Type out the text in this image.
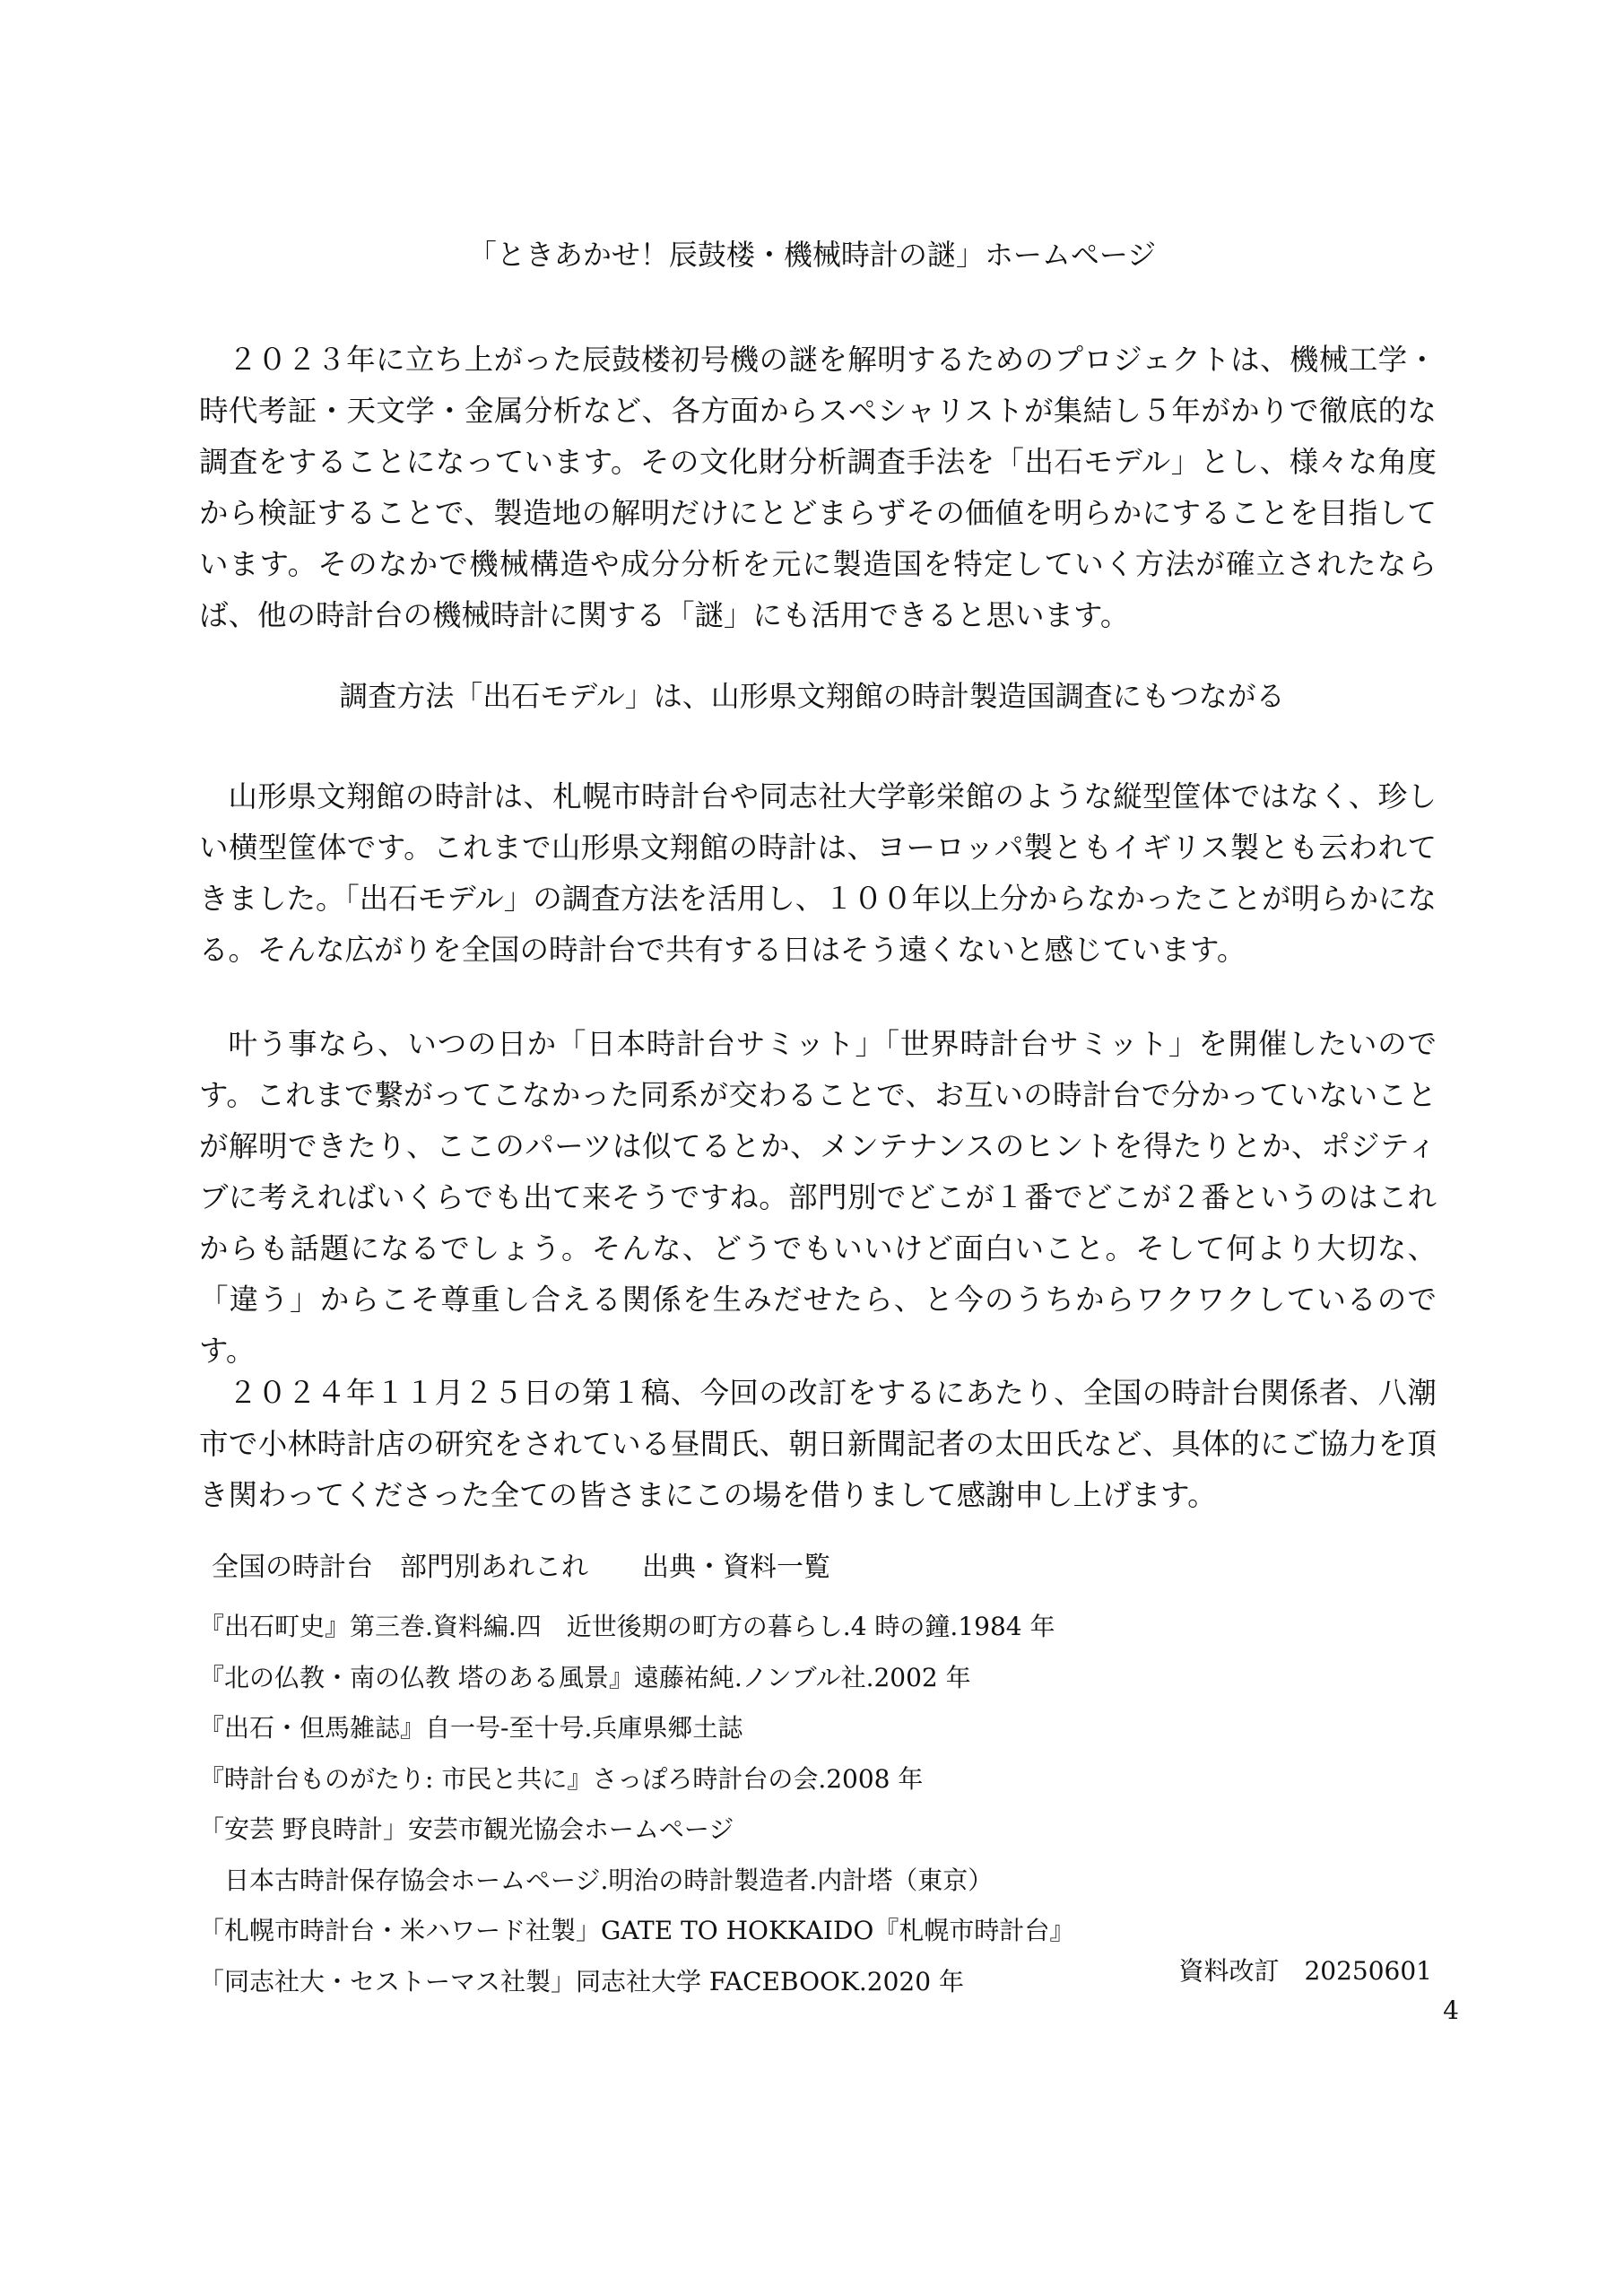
「ときあかせ！辰鼓楼・機械時計の謎」ホームページ

２０２３年に立ち上がった辰鼓楼初号機の謎を解明するためのプロジェクトは、機械工学・時代考証・天文学・金属分析など、各方面からスペシャリストが集結し５年がかりで徹底的な調査をすることになっています。その文化財分析調査手法を「出石モデル」とし、様々な角度から検証することで、製造地の解明だけにとどまらずその価値を明らかにすることを目指しています。そのなかで機械構造や成分分析を元に製造国を特定していく方法が確立されたならば、他の時計台の機械時計に関する「謎」にも活用できると思います。

調査方法「出石モデル」は、山形県文翔館の時計製造国調査にもつながる

山形県文翔館の時計は、札幌市時計台や同志社大学彰栄館のような縦型筐体ではなく、珍しい横型筐体です。これまで山形県文翔館の時計は、ヨーロッパ製ともイギリス製とも云われてきました。「出石モデル」の調査方法を活用し、１００年以上分からなかったことが明らかになる。そんな広がりを全国の時計台で共有する日はそう遠くないと感じています。

叶う事なら、いつの日か「日本時計台サミット」「世界時計台サミット」を開催したいのです。これまで繋がってこなかった同系が交わることで、お互いの時計台で分かっていないことが解明できたり、ここのパーツは似てるとか、メンテナンスのヒントを得たりとか、ポジティブに考えればいくらでも出て来そうですね。部門別でどこが１番でどこが２番というのはこれからも話題になるでしょう。そんな、どうでもいいけど面白いこと。そして何より大切な、「違う」からこそ尊重し合える関係を生みだせたら、と今のうちからワクワクしているのです。

２０２４年１１月２５日の第１稿、今回の改訂をするにあたり、全国の時計台関係者、八潮市で小林時計店の研究をされている昼間氏、朝日新聞記者の太田氏など、具体的にご協力を頂き関わってくださった全ての皆さまにこの場を借りまして感謝申し上げます。

全国の時計台　部門別あれこれ　　出典・資料一覧
『出石町史』第三巻.資料編.四　近世後期の町方の暮らし.4 時の鐘.1984 年
『北の仏教・南の仏教 塔のある風景』遠藤祐純.ノンブル社.2002 年
『出石・但馬雑誌』自一号-至十号.兵庫県郷土誌
『時計台ものがたり: 市民と共に』さっぽろ時計台の会.2008 年
「安芸 野良時計」安芸市観光協会ホームページ
　日本古時計保存協会ホームページ.明治の時計製造者.内計塔（東京）
「札幌市時計台・米ハワード社製」GATE TO HOKKAIDO『札幌市時計台』
「同志社大・セストーマス社製」同志社大学 FACEBOOK.2020 年	資料改訂　20250601
4
